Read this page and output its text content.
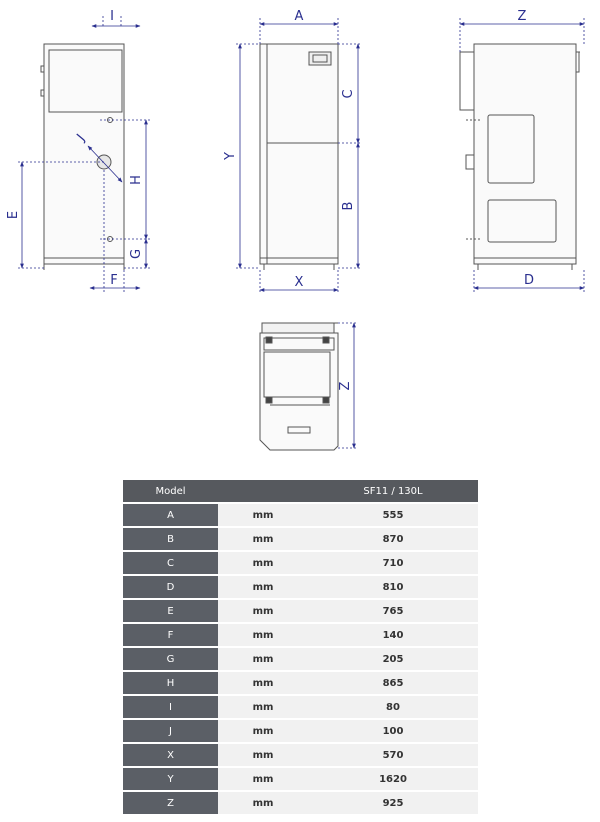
I
J
H
E
G
F
A
Y
C
B
X
Z
D
Z
Model		SF11 / 130L
A	mm	555
B	mm	870
C	mm	710
D	mm	810
E	mm	765
F	mm	140
G	mm	205
H	mm	865
I	mm	80
J	mm	100
X	mm	570
Y	mm	1620
Z	mm	925
